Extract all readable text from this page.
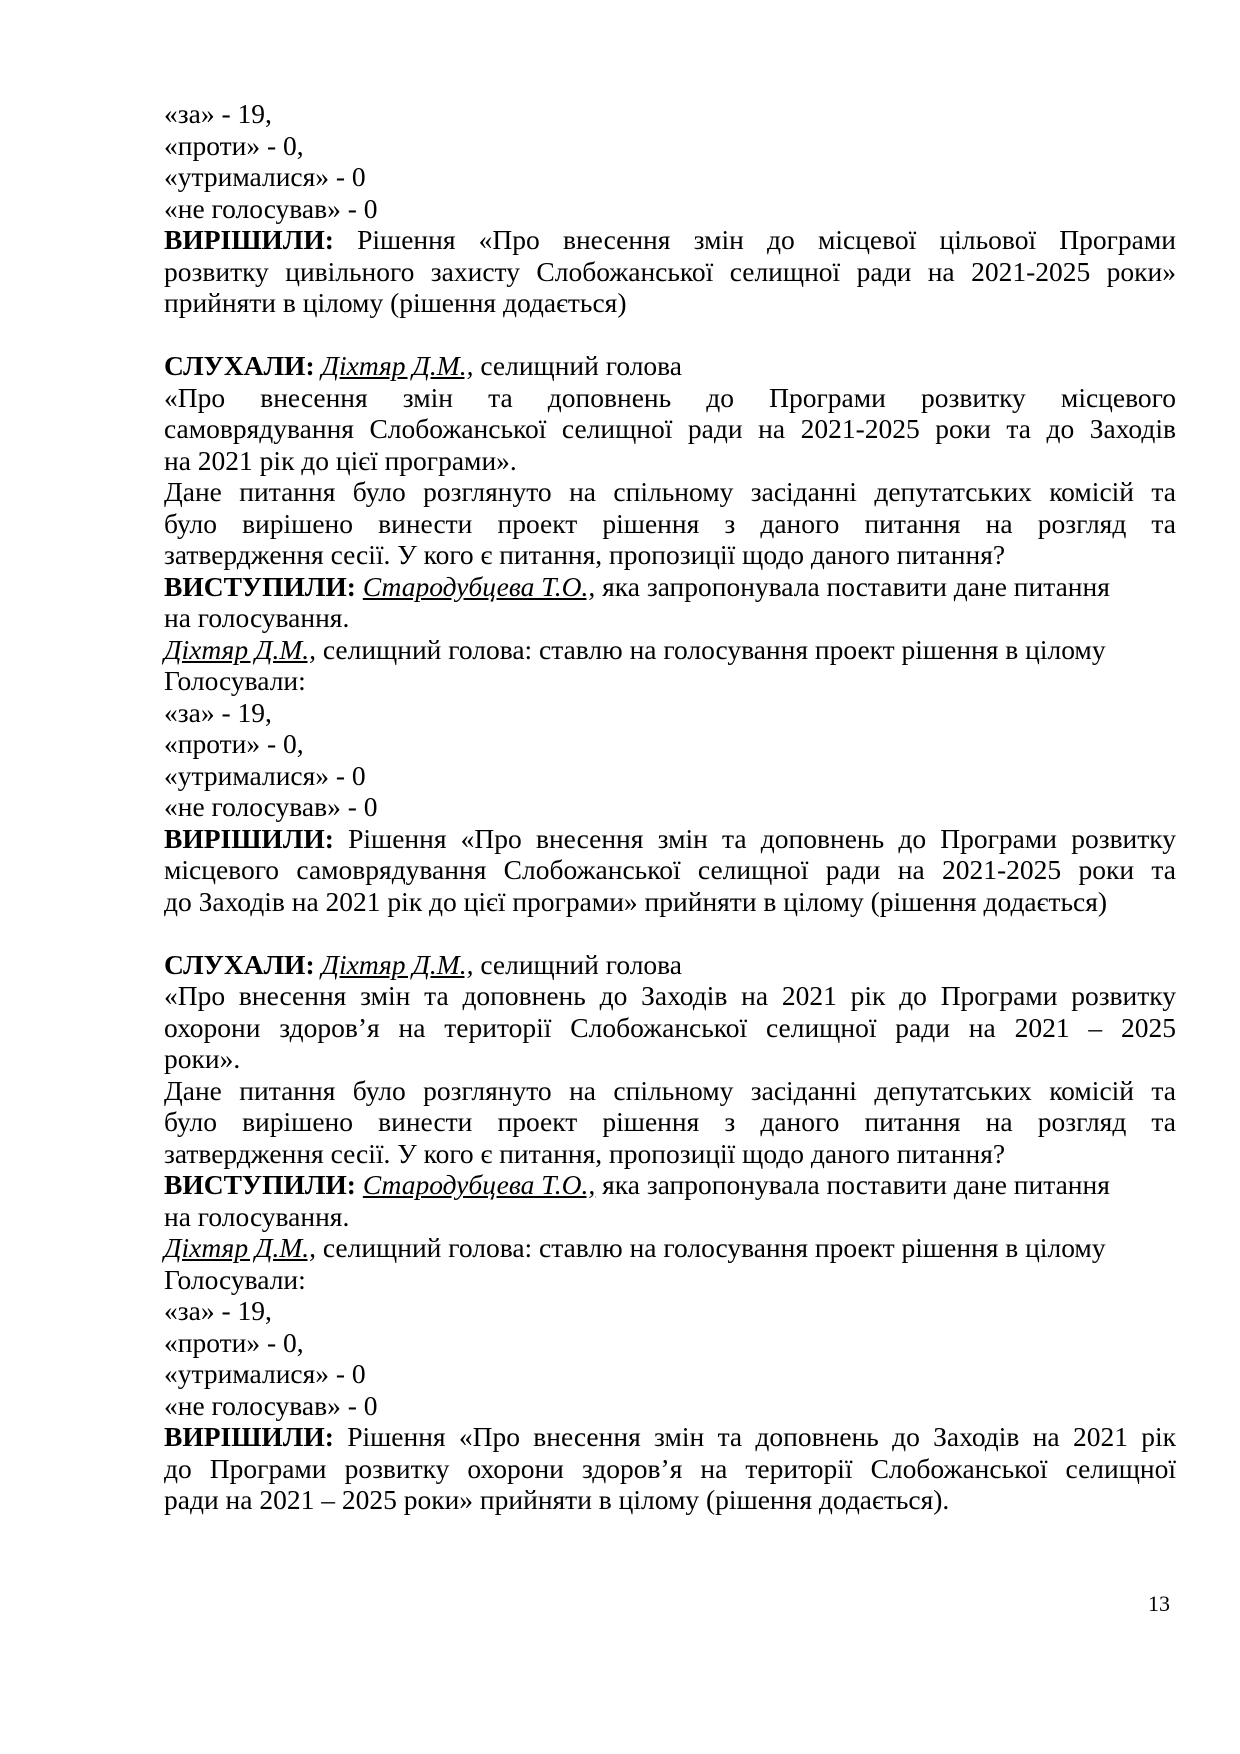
«за» - 19,
«проти» - 0,
«утрималися» - 0
«не голосував» - 0
ВИРІШИЛИ: Рішення «Про внесення змін до місцевої цільової Програми
розвитку цивільного захисту Слобожанської селищної ради на 2021-2025 роки»
прийняти в цілому (рішення додається)
СЛУХАЛИ: Діхтяр Д.М., селищний голова
«Про внесення змін та доповнень до Програми розвитку місцевого
самоврядування Слобожанської селищної ради на 2021-2025 роки та до Заходів
на 2021 рік до цієї програми».
Дане питання було розглянуто на спільному засіданні депутатських комісій та
було вирішено винести проект рішення з даного питання на розгляд та
затвердження сесії. У кого є питання, пропозиції щодо даного питання?
ВИСТУПИЛИ: Стародубцева Т.О., яка запропонувала поставити дане питання
на голосування.
Діхтяр Д.М., селищний голова: ставлю на голосування проект рішення в цілому
Голосували:
«за» - 19,
«проти» - 0,
«утрималися» - 0
«не голосував» - 0
ВИРІШИЛИ: Рішення «Про внесення змін та доповнень до Програми розвитку
місцевого самоврядування Слобожанської селищної ради на 2021-2025 роки та
до Заходів на 2021 рік до цієї програми» прийняти в цілому (рішення додається)
СЛУХАЛИ: Діхтяр Д.М., селищний голова
«Про внесення змін та доповнень до Заходів на 2021 рік до Програми розвитку
охорони здоров’я на території Слобожанської селищної ради на 2021 – 2025
роки».
Дане питання було розглянуто на спільному засіданні депутатських комісій та
було вирішено винести проект рішення з даного питання на розгляд та
затвердження сесії. У кого є питання, пропозиції щодо даного питання?
ВИСТУПИЛИ: Стародубцева Т.О., яка запропонувала поставити дане питання
на голосування.
Діхтяр Д.М., селищний голова: ставлю на голосування проект рішення в цілому
Голосували:
«за» - 19,
«проти» - 0,
«утрималися» - 0
«не голосував» - 0
ВИРІШИЛИ: Рішення «Про внесення змін та доповнень до Заходів на 2021 рік
до Програми розвитку охорони здоров’я на території Слобожанської селищної
ради на 2021 – 2025 роки» прийняти в цілому (рішення додається).
13
